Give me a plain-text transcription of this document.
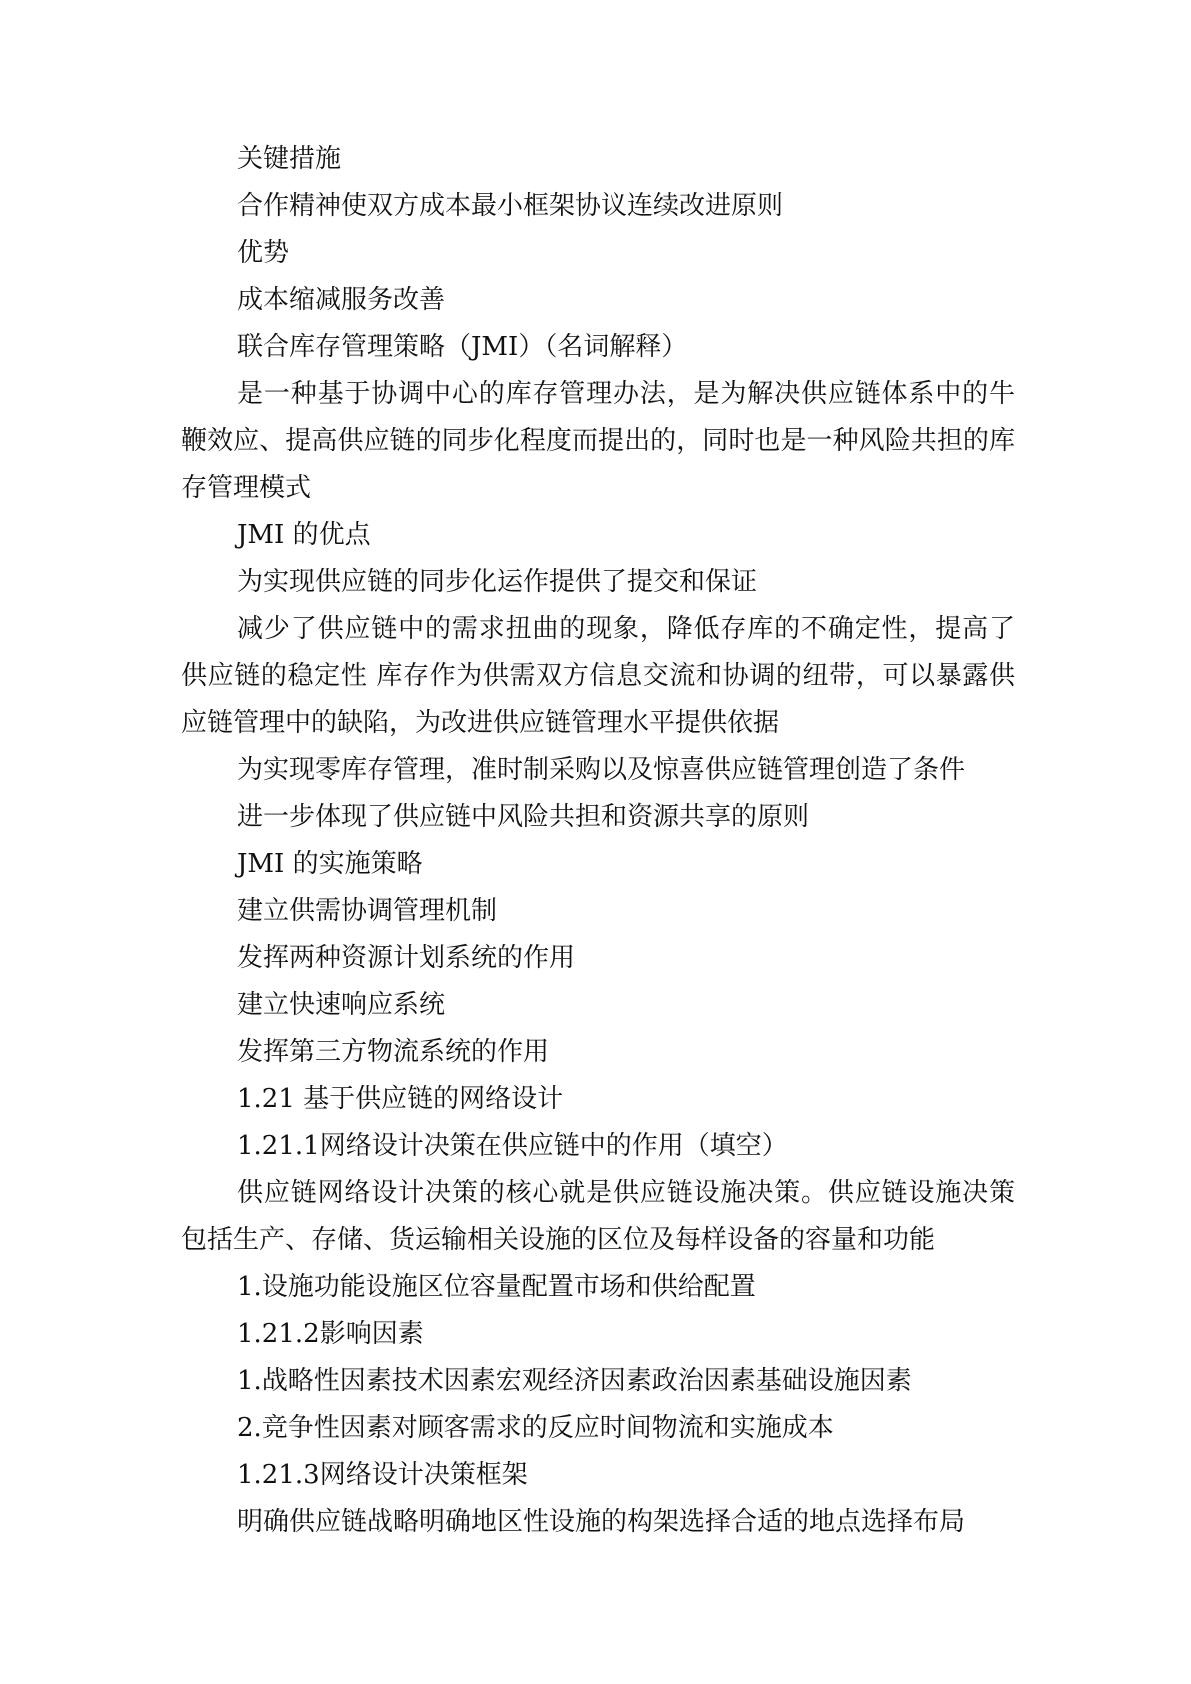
关键措施

合作精神使双方成本最小框架协议连续改进原则

优势

成本缩减服务改善

联合库存管理策略（JMI）（名词解释）

是一种基于协调中心的库存管理办法，是为解决供应链体系中的牛鞭效应、提高供应链的同步化程度而提出的，同时也是一种风险共担的库存管理模式

JMI 的优点

为实现供应链的同步化运作提供了提交和保证

减少了供应链中的需求扭曲的现象，降低存库的不确定性，提高了供应链的稳定性 库存作为供需双方信息交流和协调的纽带，可以暴露供应链管理中的缺陷，为改进供应链管理水平提供依据

为实现零库存管理，准时制采购以及惊喜供应链管理创造了条件

进一步体现了供应链中风险共担和资源共享的原则

JMI 的实施策略

建立供需协调管理机制

发挥两种资源计划系统的作用

建立快速响应系统

发挥第三方物流系统的作用

1.21 基于供应链的网络设计

1.21.1网络设计决策在供应链中的作用（填空）

供应链网络设计决策的核心就是供应链设施决策。供应链设施决策包括生产、存储、货运输相关设施的区位及每样设备的容量和功能

1.设施功能设施区位容量配置市场和供给配置

1.21.2影响因素

1.战略性因素技术因素宏观经济因素政治因素基础设施因素

2.竞争性因素对顾客需求的反应时间物流和实施成本

1.21.3网络设计决策框架

明确供应链战略明确地区性设施的构架选择合适的地点选择布局
